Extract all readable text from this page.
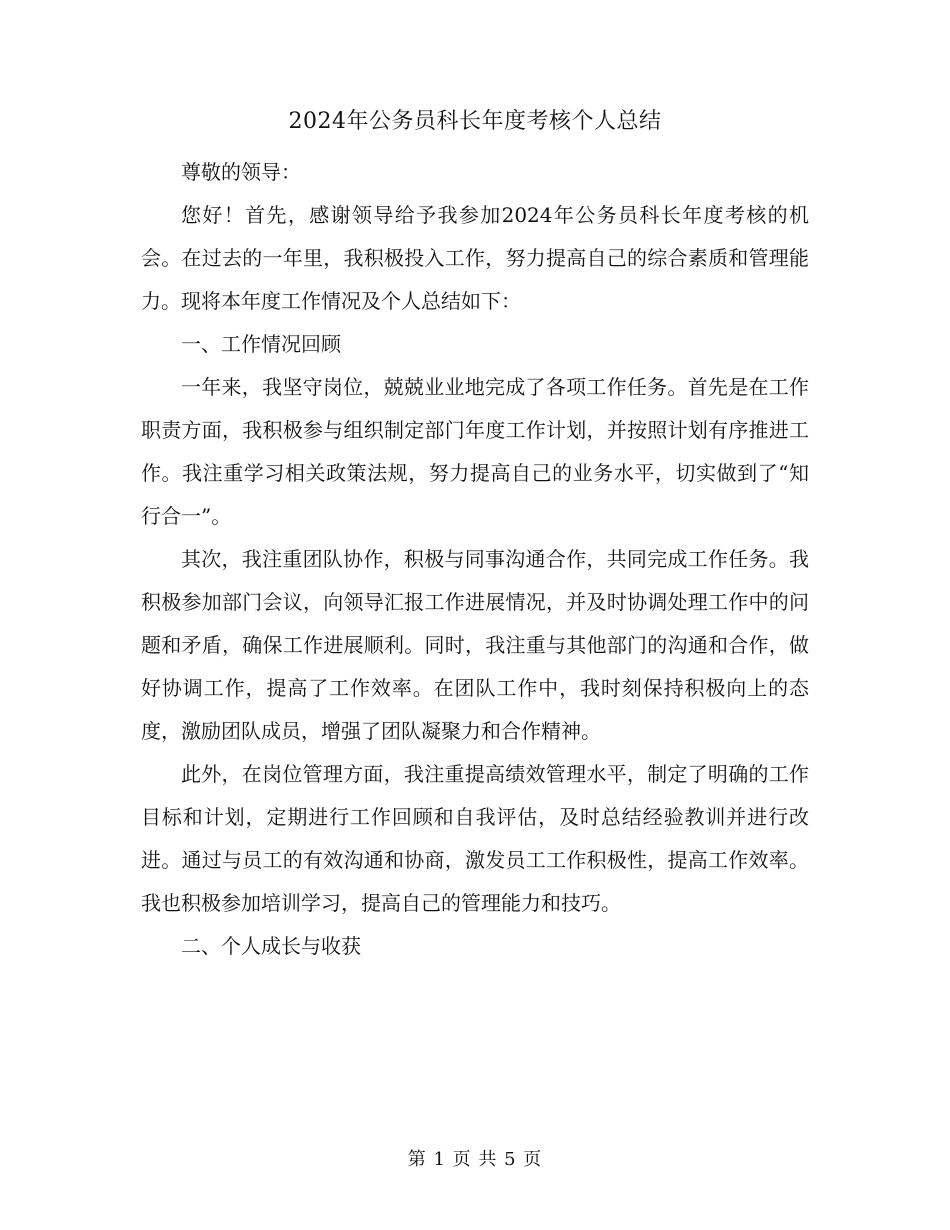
2024年公务员科长年度考核个人总结

尊敬的领导：

您好！首先，感谢领导给予我参加2024年公务员科长年度考核的机会。在过去的一年里，我积极投入工作，努力提高自己的综合素质和管理能力。现将本年度工作情况及个人总结如下：

一、工作情况回顾

一年来，我坚守岗位，兢兢业业地完成了各项工作任务。首先是在工作职责方面，我积极参与组织制定部门年度工作计划，并按照计划有序推进工作。我注重学习相关政策法规，努力提高自己的业务水平，切实做到了“知行合一”。

其次，我注重团队协作，积极与同事沟通合作，共同完成工作任务。我积极参加部门会议，向领导汇报工作进展情况，并及时协调处理工作中的问题和矛盾，确保工作进展顺利。同时，我注重与其他部门的沟通和合作，做好协调工作，提高了工作效率。在团队工作中，我时刻保持积极向上的态度，激励团队成员，增强了团队凝聚力和合作精神。

此外，在岗位管理方面，我注重提高绩效管理水平，制定了明确的工作目标和计划，定期进行工作回顾和自我评估，及时总结经验教训并进行改进。通过与员工的有效沟通和协商，激发员工工作积极性，提高工作效率。我也积极参加培训学习，提高自己的管理能力和技巧。

二、个人成长与收获

第 1 页 共 5 页
